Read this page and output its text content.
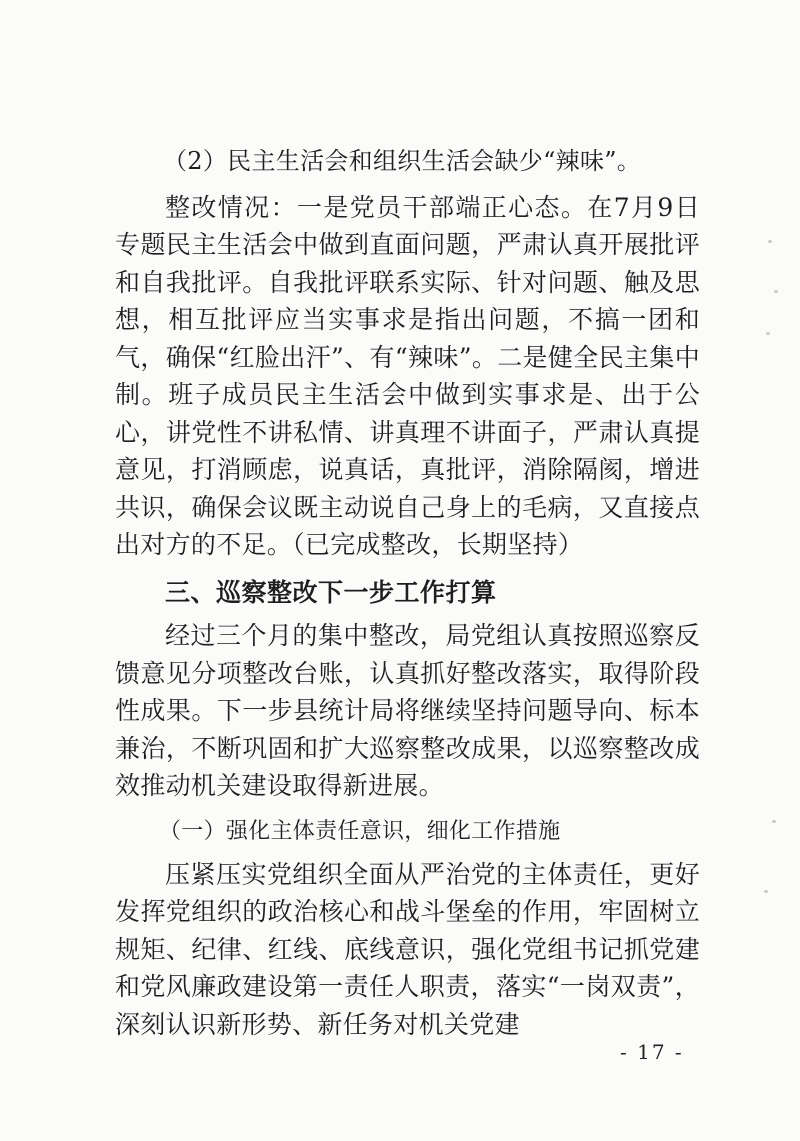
（2）民主生活会和组织生活会缺少“辣味”。

整改情况：一是党员干部端正心态。在7月9日专题民主生活会中做到直面问题，严肃认真开展批评和自我批评。自我批评联系实际、针对问题、触及思想，相互批评应当实事求是指出问题，不搞一团和气，确保“红脸出汗”、有“辣味”。二是健全民主集中制。班子成员民主生活会中做到实事求是、出于公心，讲党性不讲私情、讲真理不讲面子，严肃认真提意见，打消顾虑，说真话，真批评，消除隔阂，增进共识，确保会议既主动说自己身上的毛病，又直接点出对方的不足。（已完成整改，长期坚持）

三、巡察整改下一步工作打算

经过三个月的集中整改，局党组认真按照巡察反馈意见分项整改台账，认真抓好整改落实，取得阶段性成果。下一步县统计局将继续坚持问题导向、标本兼治，不断巩固和扩大巡察整改成果，以巡察整改成效推动机关建设取得新进展。

（一）强化主体责任意识，细化工作措施

压紧压实党组织全面从严治党的主体责任，更好发挥党组织的政治核心和战斗堡垒的作用，牢固树立规矩、纪律、红线、底线意识，强化党组书记抓党建和党风廉政建设第一责任人职责，落实“一岗双责”，深刻认识新形势、新任务对机关党建

- 17 -
